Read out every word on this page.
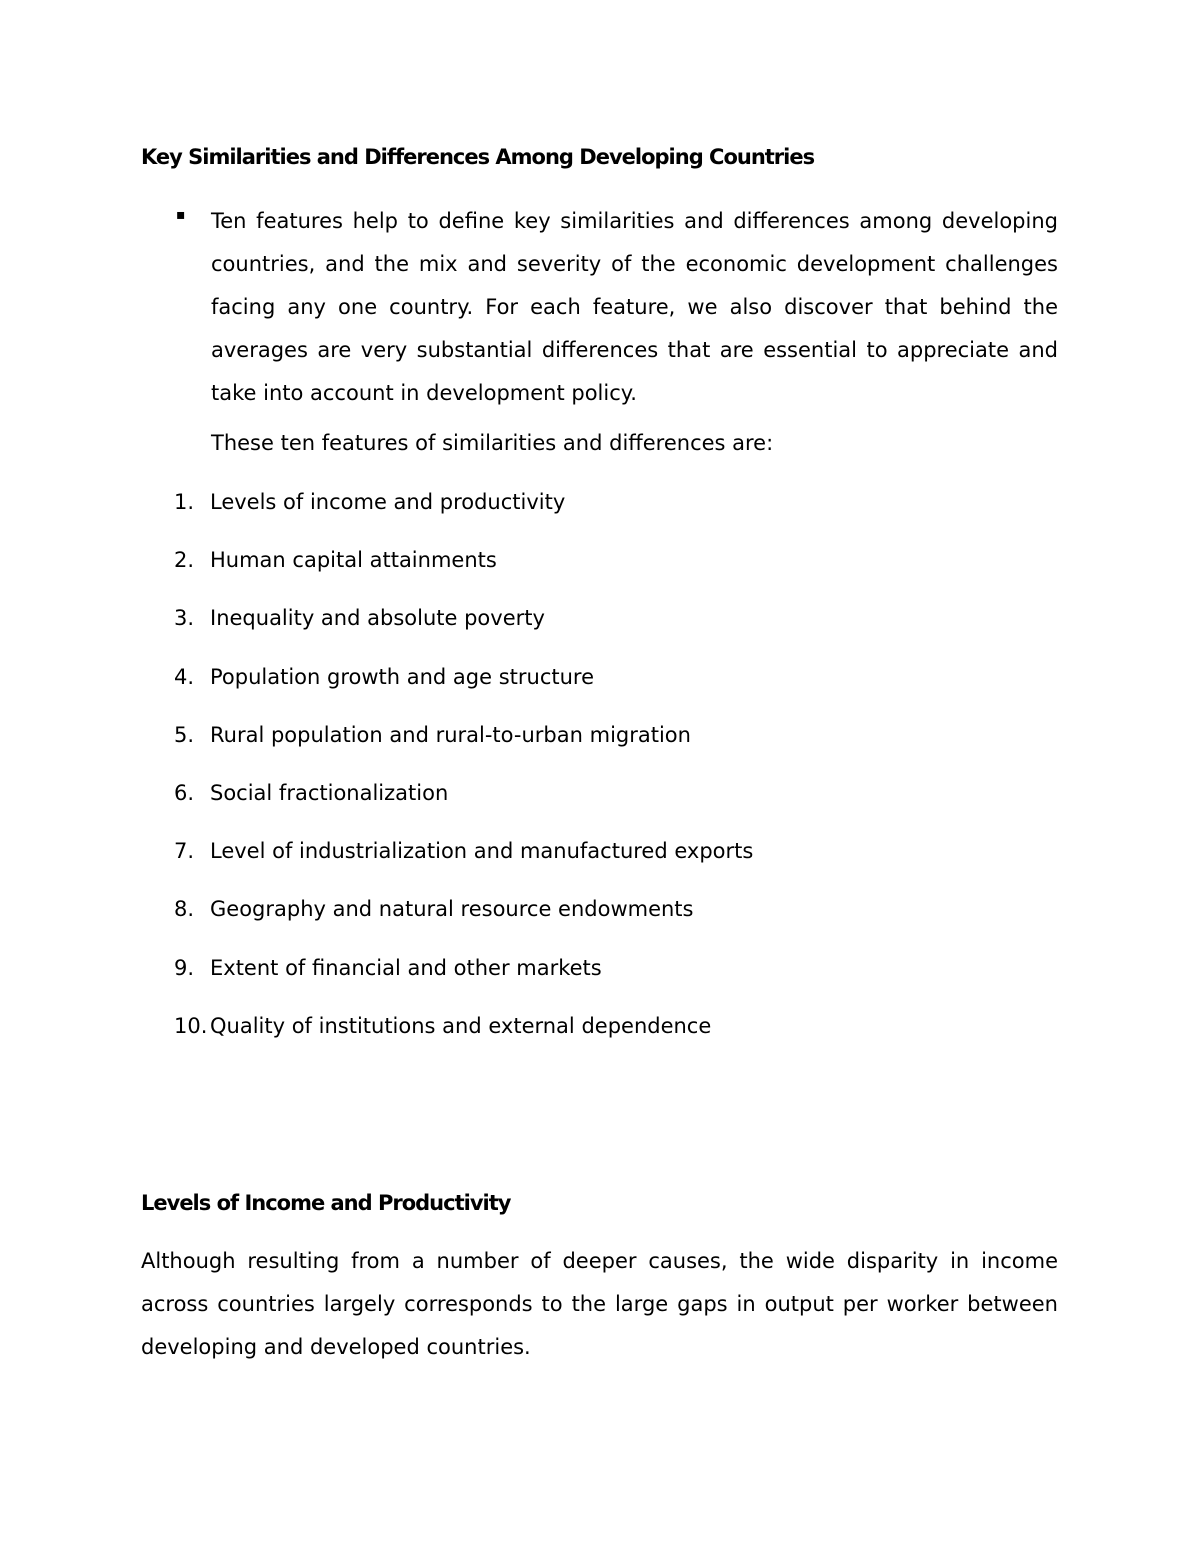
Key Similarities and Differences Among Developing Countries
▪ Ten features help to define key similarities and differences among developing countries, and the mix and severity of the economic development challenges facing any one country. For each feature, we also discover that behind the averages are very substantial differences that are essential to appreciate and take into account in development policy.

These ten features of similarities and differences are:
1. Levels of income and productivity
2. Human capital attainments
3. Inequality and absolute poverty
4. Population growth and age structure
5. Rural population and rural-to-urban migration
6. Social fractionalization
7. Level of industrialization and manufactured exports
8. Geography and natural resource endowments
9. Extent of financial and other markets
10. Quality of institutions and external dependence
Levels of Income and Productivity

Although resulting from a number of deeper causes, the wide disparity in income across countries largely corresponds to the large gaps in output per worker between developing and developed countries.
